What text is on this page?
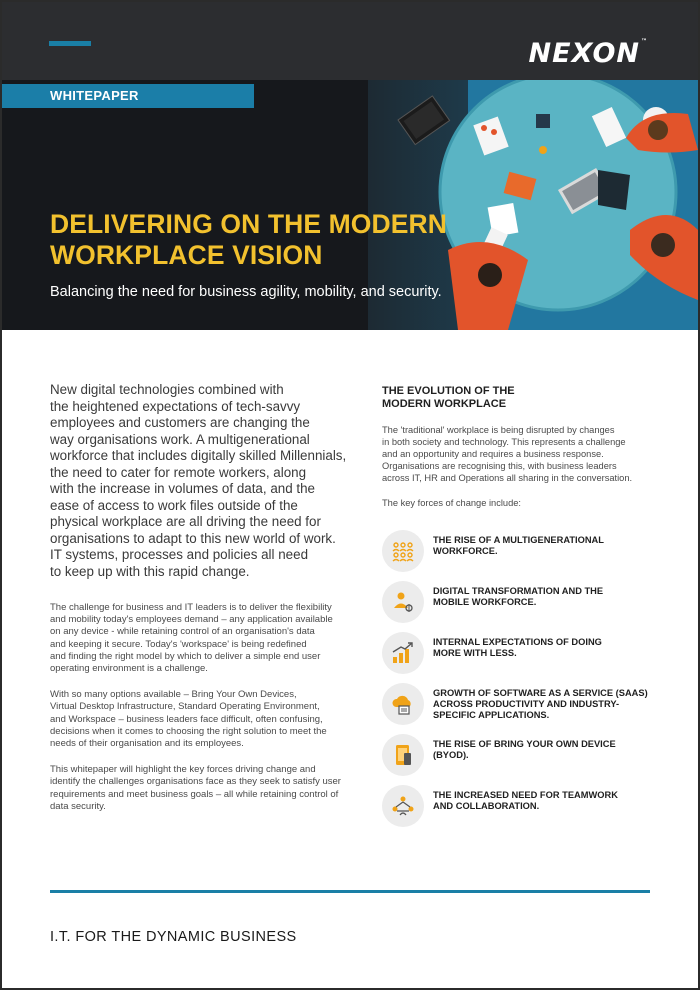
NEXON™
WHITEPAPER
DELIVERING ON THE MODERN
WORKPLACE VISION
Balancing the need for business agility, mobility, and security.
New digital technologies combined with
the heightened expectations of tech-savvy
employees and customers are changing the
way organisations work. A multigenerational
workforce that includes digitally skilled Millennials,
the need to cater for remote workers, along
with the increase in volumes of data, and the
ease of access to work files outside of the
physical workplace are all driving the need for
organisations to adapt to this new world of work.
IT systems, processes and policies all need
to keep up with this rapid change.
The challenge for business and IT leaders is to deliver the flexibility
and mobility today's employees demand – any application available
on any device - while retaining control of an organisation's data
and keeping it secure. Today's 'workspace' is being redefined
and finding the right model by which to deliver a simple end user
operating environment is a challenge.
With so many options available – Bring Your Own Devices,
Virtual Desktop Infrastructure, Standard Operating Environment,
and Workspace – business leaders face difficult, often confusing,
decisions when it comes to choosing the right solution to meet the
needs of their organisation and its employees.
This whitepaper will highlight the key forces driving change and
identify the challenges organisations face as they seek to satisfy user
requirements and meet business goals – all while retaining control of
data security.
THE EVOLUTION OF THE
MODERN WORKPLACE
The 'traditional' workplace is being disrupted by changes
in both society and technology. This represents a challenge
and an opportunity and requires a business response.
Organisations are recognising this, with business leaders
across IT, HR and Operations all sharing in the conversation.
The key forces of change include:
THE RISE OF A MULTIGENERATIONAL
WORKFORCE.
DIGITAL TRANSFORMATION AND THE
MOBILE WORKFORCE.
INTERNAL EXPECTATIONS OF DOING
MORE WITH LESS.
GROWTH OF SOFTWARE AS A SERVICE (SAAS)
ACROSS PRODUCTIVITY AND INDUSTRY-
SPECIFIC APPLICATIONS.
THE RISE OF BRING YOUR OWN DEVICE
(BYOD).
THE INCREASED NEED FOR TEAMWORK
AND COLLABORATION.
I.T. FOR THE DYNAMIC BUSINESS
